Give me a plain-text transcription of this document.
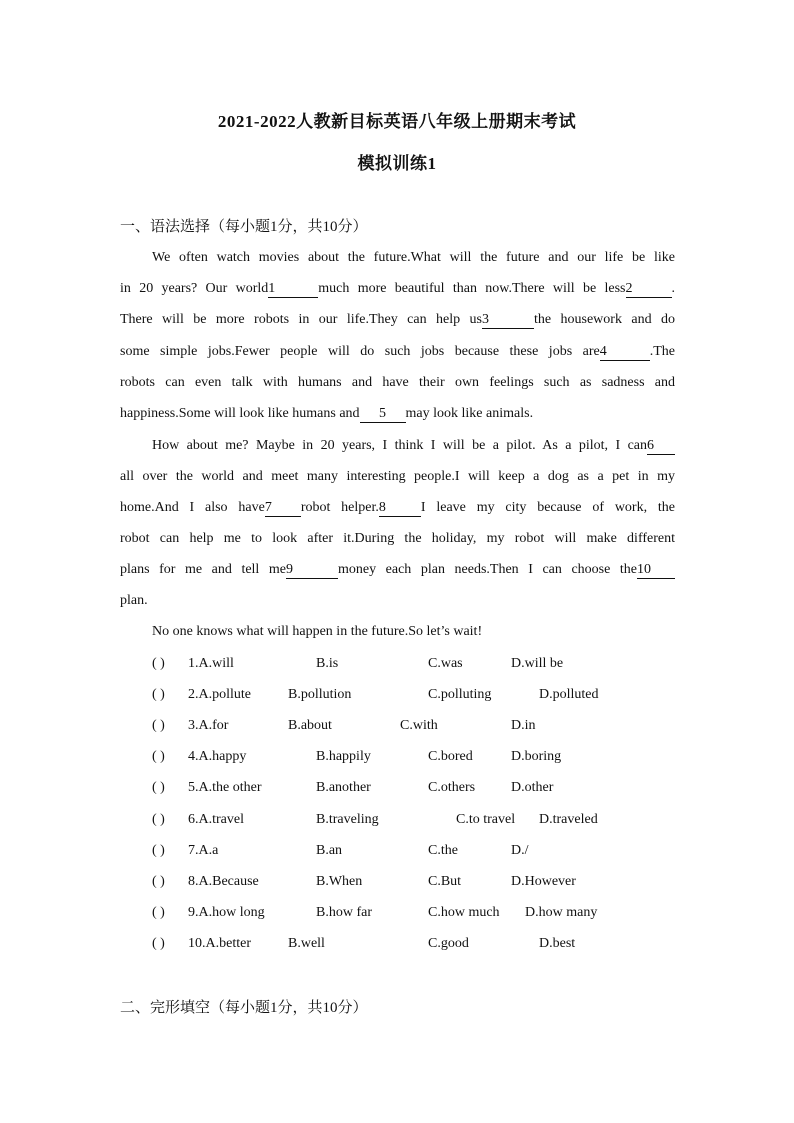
2021-2022人教新目标英语八年级上册期末考试
模拟训练1
一、语法选择（每小题1分，共10分）
We often watch movies about the future.What will the future and our life be like
in 20 years? Our world1	much more beautiful than now.There will be less2	.
There will be more robots in our life.They can help us3	the housework and do
some simple jobs.Fewer people will do such jobs because these jobs are4	.The
robots can even talk with humans and have their own feelings such as sadness and
happiness.Some will look like humans and 5 may look like animals.
How about me? Maybe in 20 years, I think I will be a pilot. As a pilot, I can6
all over the world and meet many interesting people.I will keep a dog as a pet in my
home.And I also have7 robot helper.8	I leave my city because of work, the
robot can help me to look after it.During the holiday, my robot will make different
plans for me and tell me9	money each plan needs.Then I can choose the10
plan.
No one knows what will happen in the future.So let’s wait!
( ) 1.A.will	B.is	C.was	D.will be
( ) 2.A.pollute	B.pollution	C.polluting	D.polluted
( ) 3.A.for	B.about	C.with	D.in
( ) 4.A.happy	B.happily	C.bored	D.boring
( ) 5.A.the other	B.another	C.others	D.other
( ) 6.A.travel	B.traveling	C.to travel D.traveled
( ) 7.A.a	B.an	C.the	D./
( ) 8.A.Because	B.When	C.But	D.However
( ) 9.A.how long	B.how far	C.how much D.how many
( ) 10.A.better	B.well	C.good	D.best
二、完形填空（每小题1分，共10分）
